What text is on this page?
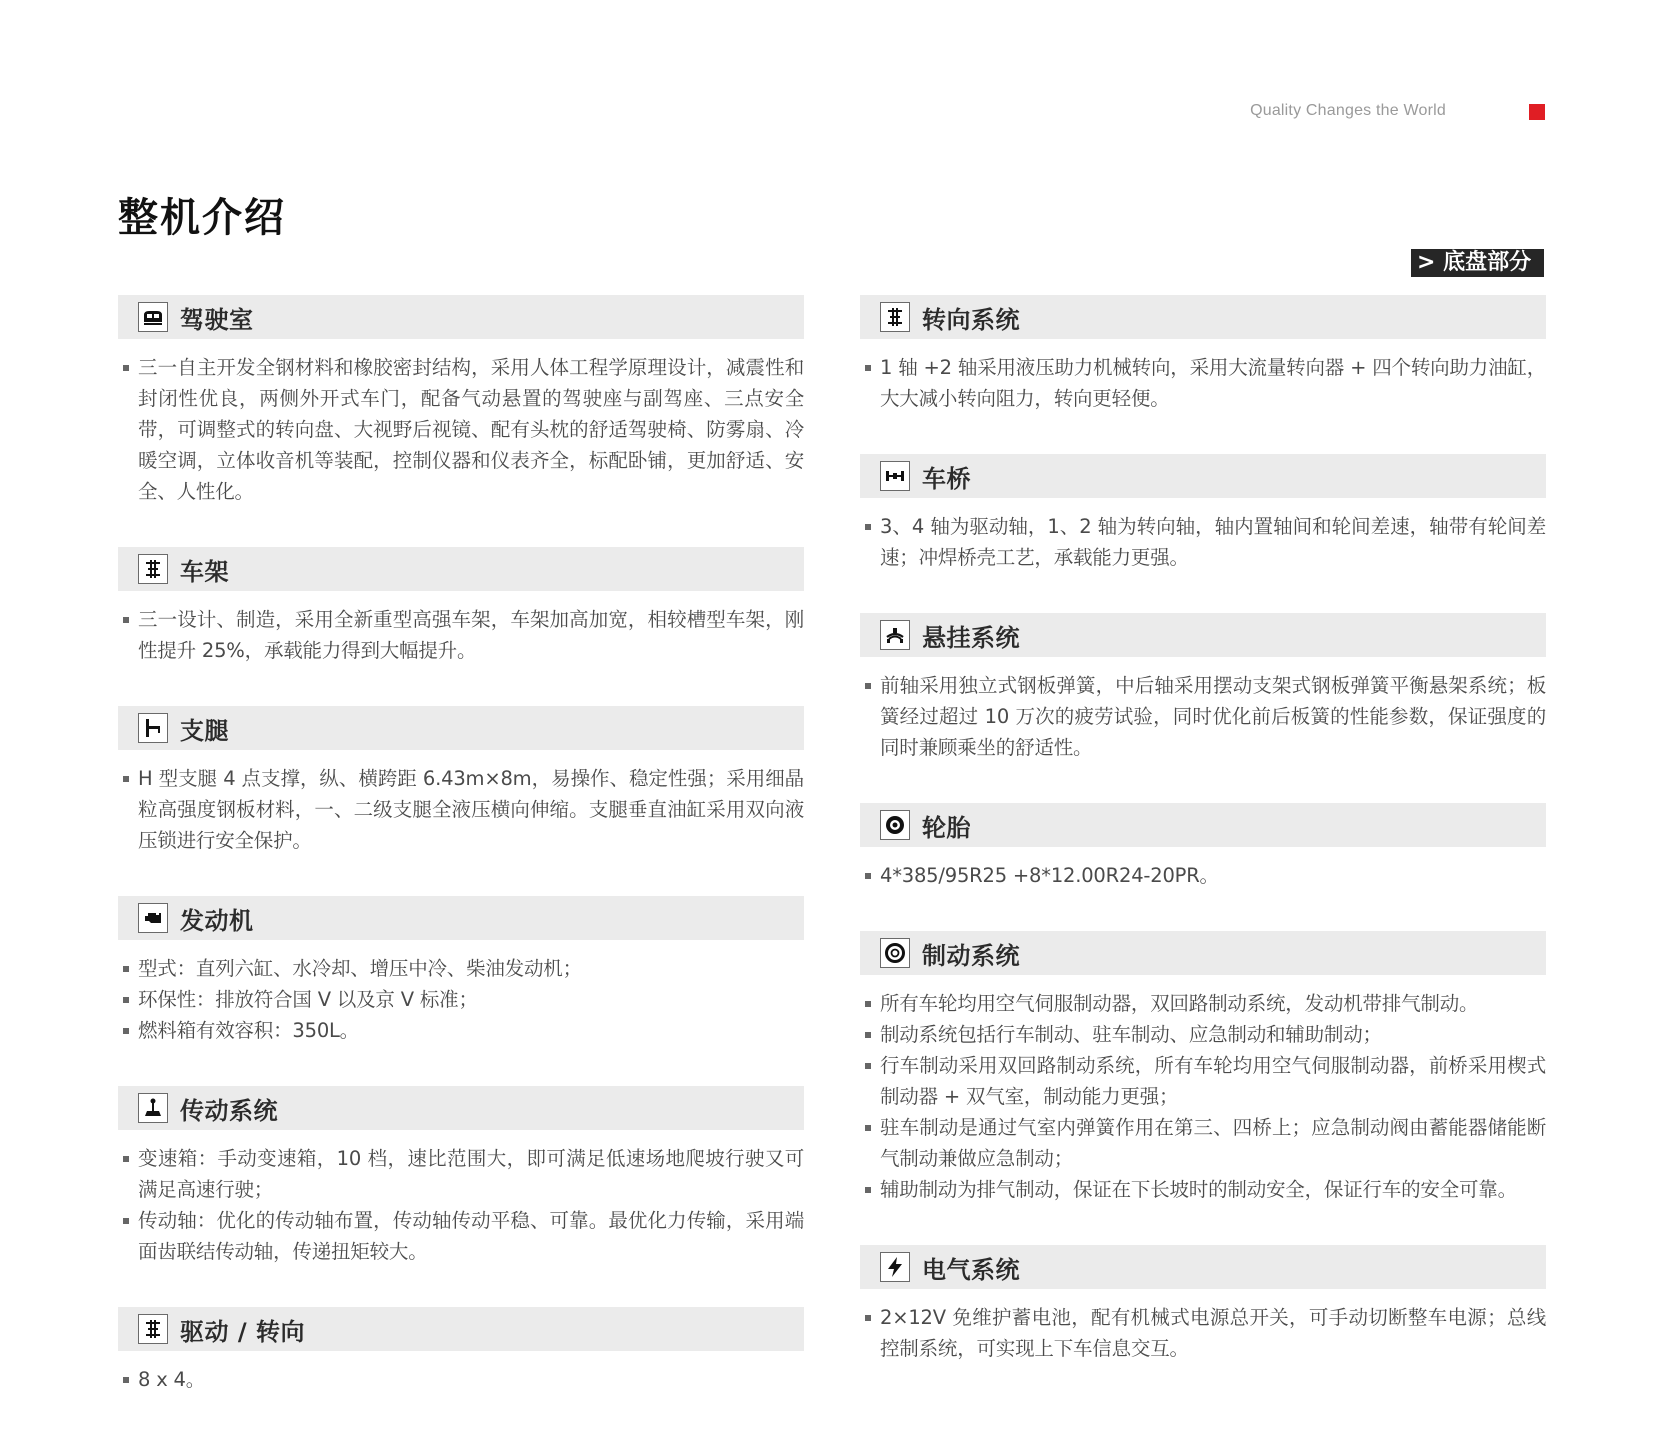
Quality Changes the World
整机介绍
> 底盘部分
驾驶室
三一自主开发全钢材料和橡胶密封结构，采用人体工程学原理设计，减震性和封闭性优良，两侧外开式车门，配备气动悬置的驾驶座与副驾座、三点安全带，可调整式的转向盘、大视野后视镜、配有头枕的舒适驾驶椅、防雾扇、冷暖空调，立体收音机等装配，控制仪器和仪表齐全，标配卧铺，更加舒适、安全、人性化。
车架
三一设计、制造，采用全新重型高强车架，车架加高加宽，相较槽型车架，刚性提升 25%，承载能力得到大幅提升。
支腿
H 型支腿 4 点支撑，纵、横跨距 6.43m×8m，易操作、稳定性强；采用细晶粒高强度钢板材料，一、二级支腿全液压横向伸缩。支腿垂直油缸采用双向液压锁进行安全保护。
发动机
型式：直列六缸、水冷却、增压中冷、柴油发动机；
环保性：排放符合国 V 以及京 V 标准；
燃料箱有效容积：350L。
传动系统
变速箱：手动变速箱，10 档，速比范围大，即可满足低速场地爬坡行驶又可满足高速行驶；
传动轴：优化的传动轴布置，传动轴传动平稳、可靠。最优化力传输，采用端面齿联结传动轴，传递扭矩较大。
驱动 / 转向
8 x 4。
转向系统
1 轴 +2 轴采用液压助力机械转向，采用大流量转向器 + 四个转向助力油缸，大大减小转向阻力，转向更轻便。
车桥
3、4 轴为驱动轴，1、2 轴为转向轴，轴内置轴间和轮间差速，轴带有轮间差速；冲焊桥壳工艺，承载能力更强。
悬挂系统
前轴采用独立式钢板弹簧，中后轴采用摆动支架式钢板弹簧平衡悬架系统；板簧经过超过 10 万次的疲劳试验，同时优化前后板簧的性能参数，保证强度的同时兼顾乘坐的舒适性。
轮胎
4*385/95R25 +8*12.00R24-20PR。
制动系统
所有车轮均用空气伺服制动器，双回路制动系统，发动机带排气制动。
制动系统包括行车制动、驻车制动、应急制动和辅助制动；
行车制动采用双回路制动系统，所有车轮均用空气伺服制动器，前桥采用楔式制动器 + 双气室，制动能力更强；
驻车制动是通过气室内弹簧作用在第三、四桥上；应急制动阀由蓄能器储能断气制动兼做应急制动；
辅助制动为排气制动，保证在下长坡时的制动安全，保证行车的安全可靠。
电气系统
2×12V 免维护蓄电池，配有机械式电源总开关，可手动切断整车电源；总线控制系统，可实现上下车信息交互。
